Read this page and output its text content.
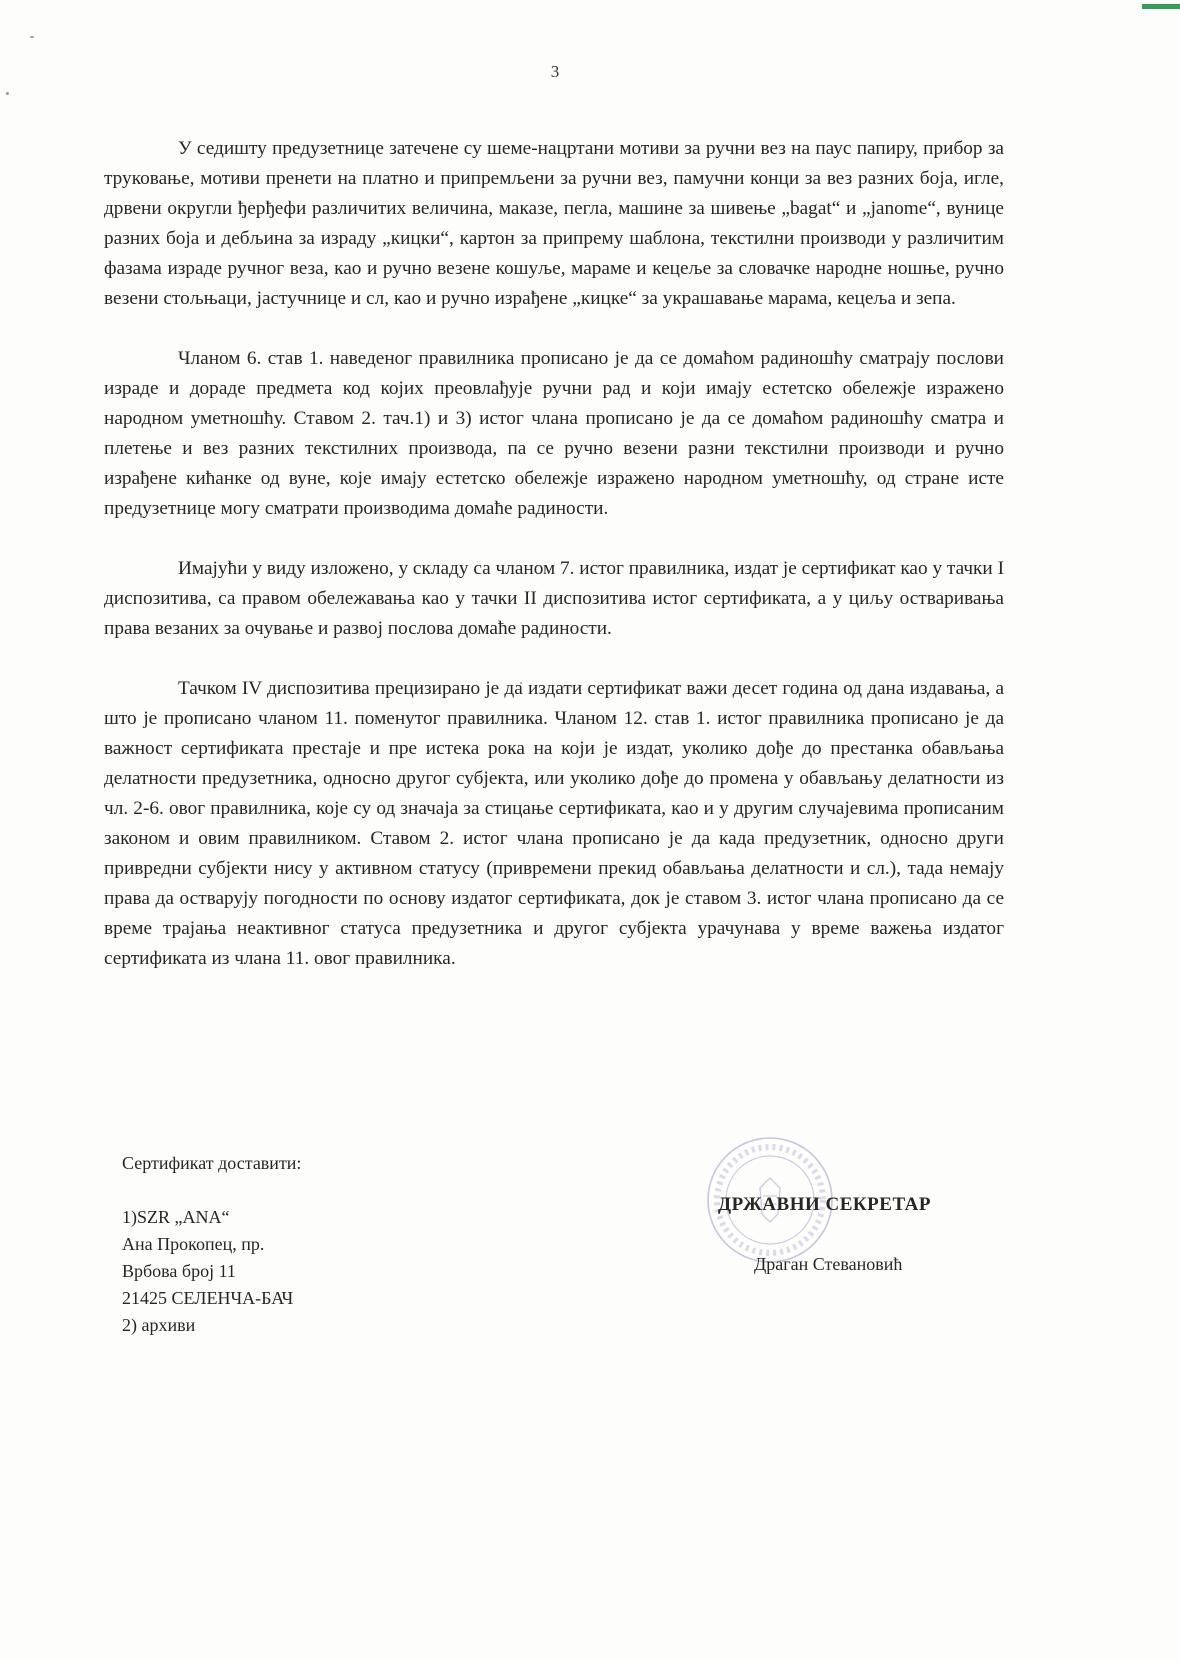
3

У седишту предузетнице затечене су шеме-нацртани мотиви за ручни вез на паус папиру, прибор за труковање, мотиви пренети на платно и припремљени за ручни вез, памучни конци за вез разних боја, игле, дрвени округли ђерђефи различитих величина, маказе, пегла, машине за шивење „bagat“ и „janome“, вунице разних боја и дебљина за израду „кицки“, картон за припрему шаблона, текстилни производи у различитим фазама израде ручног веза, као и ручно везене кошуље, мараме и кецеље за словачке народне ношње, ручно везени стољњаци, јастучнице и сл, као и ручно израђене „кицке“ за украшавање марама, кецеља и зепа.

Чланом 6. став 1. наведеног правилника прописано је да се домаћом радиношћу сматрају послови израде и дораде предмета код којих преовлађује ручни рад и који имају естетско обележје изражено народном уметношћу. Ставом 2. тач.1) и 3) истог члана прописано је да се домаћом радиношћу сматра и плетење и вез разних текстилних производа, па се ручно везени разни текстилни производи и ручно израђене кићанке од вуне, које имају естетско обележје изражено народном уметношћу, од стране исте предузетнице могу сматрати производима домаће радиности.

Имајући у виду изложено, у складу са чланом 7. истог правилника, издат је сертификат као у тачки I диспозитива, са правом обележавања као у тачки II диспозитива истог сертификата, а у циљу остваривања права везаних за очување и развој послова домаће радиности.

Тачком IV диспозитива прецизирано је да издати сертификат важи десет година од дана издавања, а што је прописано чланом 11. поменутог правилника. Чланом 12. став 1. истог правилника прописано је да важност сертификата престаје и пре истека рока на који је издат, уколико дође до престанка обављања делатности предузетника, односно другог субјекта, или уколико дође до промена у обављању делатности из чл. 2-6. овог правилника, које су од значаја за стицање сертификата, као и у другим случајевима прописаним законом и овим правилником. Ставом 2. истог члана прописано је да када предузетник, односно други привредни субјекти нису у активном статусу (привремени прекид обављања делатности и сл.), тада немају права да остварују погодности по основу издатог сертификата, док је ставом 3. истог члана прописано да се време трајања неактивног статуса предузетника и другог субјекта урачунава у време важења издатог сертификата из члана 11. овог правилника.

Сертификат доставити:
1)SZR „ANA“
Ана Прокопец, пр.
Врбова број 11
21425 СЕЛЕНЧА-БАЧ
2) архиви
ДРЖАВНИ СЕКРЕТАР
Драган Стевановић
